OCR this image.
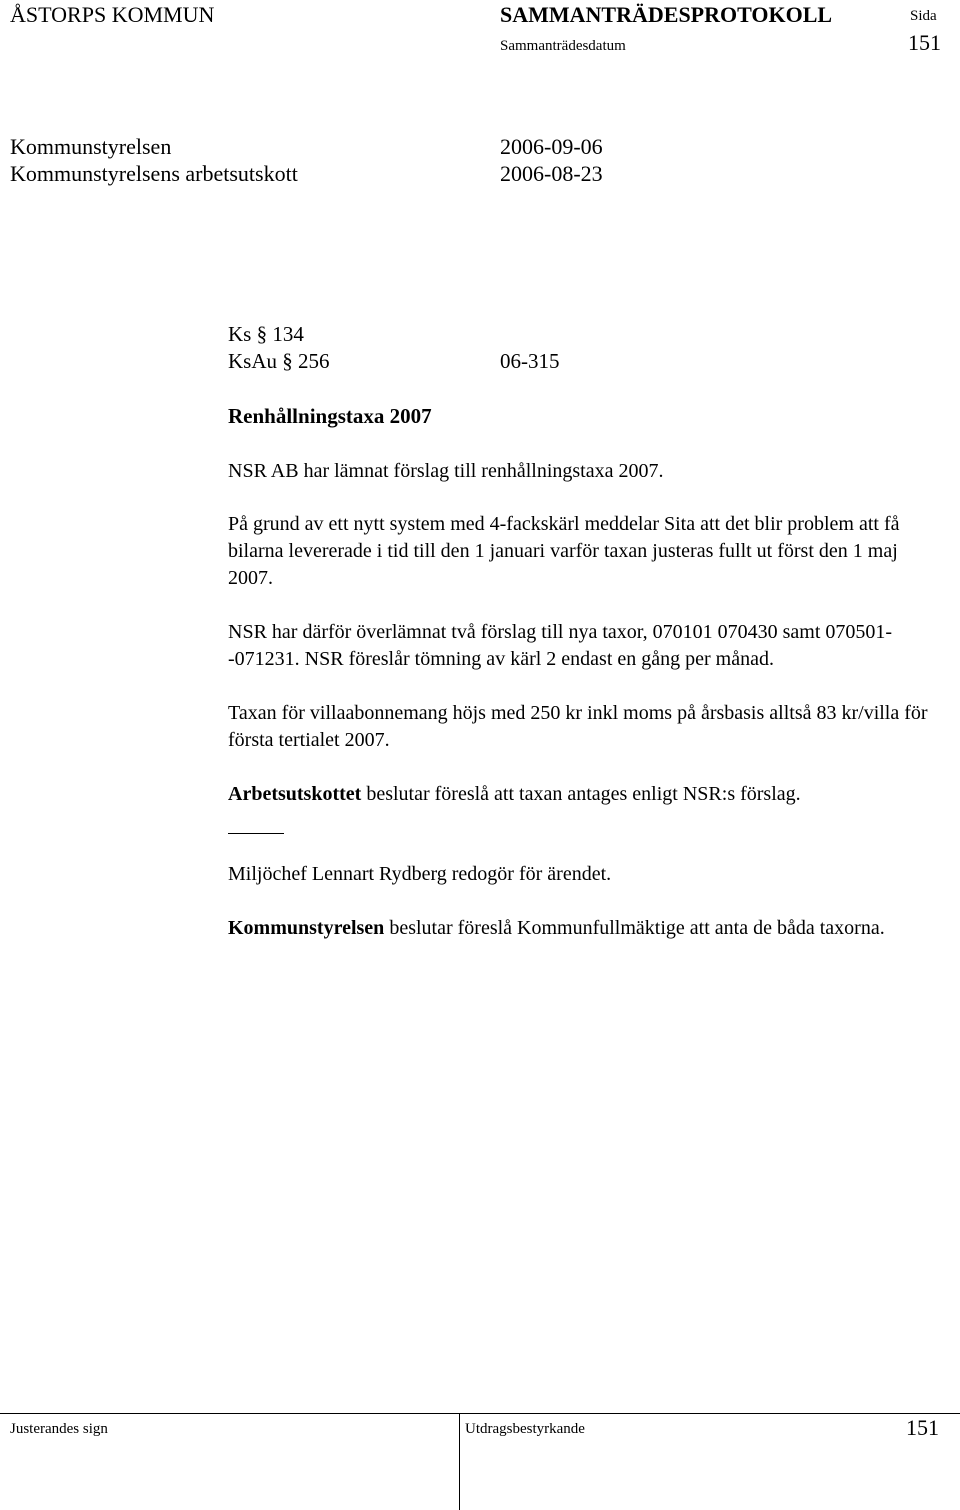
ÅSTORPS KOMMUN	SAMMANTRÄDESPROTOKOLL	Sida
Sammanträdesdatum	151
Kommunstyrelsen	2006-09-06
Kommunstyrelsens arbetsutskott	2006-08-23
Ks § 134
KsAu § 256	06-315
Renhållningstaxa 2007

NSR AB har lämnat förslag till renhållningstaxa 2007.

På grund av ett nytt system med 4-fackskärl meddelar Sita att det blir problem att få bilarna levererade i tid till den 1 januari varför taxan justeras fullt ut först den 1 maj 2007.

NSR har därför överlämnat två förslag till nya taxor, 070101 070430 samt 070501--071231. NSR föreslår tömning av kärl 2 endast en gång per månad.

Taxan för villaabonnemang höjs med 250 kr inkl moms på årsbasis alltså 83 kr/villa för första tertialet 2007.

Arbetsutskottet beslutar föreslå att taxan antages enligt NSR:s förslag.

Miljöchef Lennart Rydberg redogör för ärendet.

Kommunstyrelsen beslutar föreslå Kommunfullmäktige att anta de båda taxorna.

Justerandes sign	Utdragsbestyrkande	151
